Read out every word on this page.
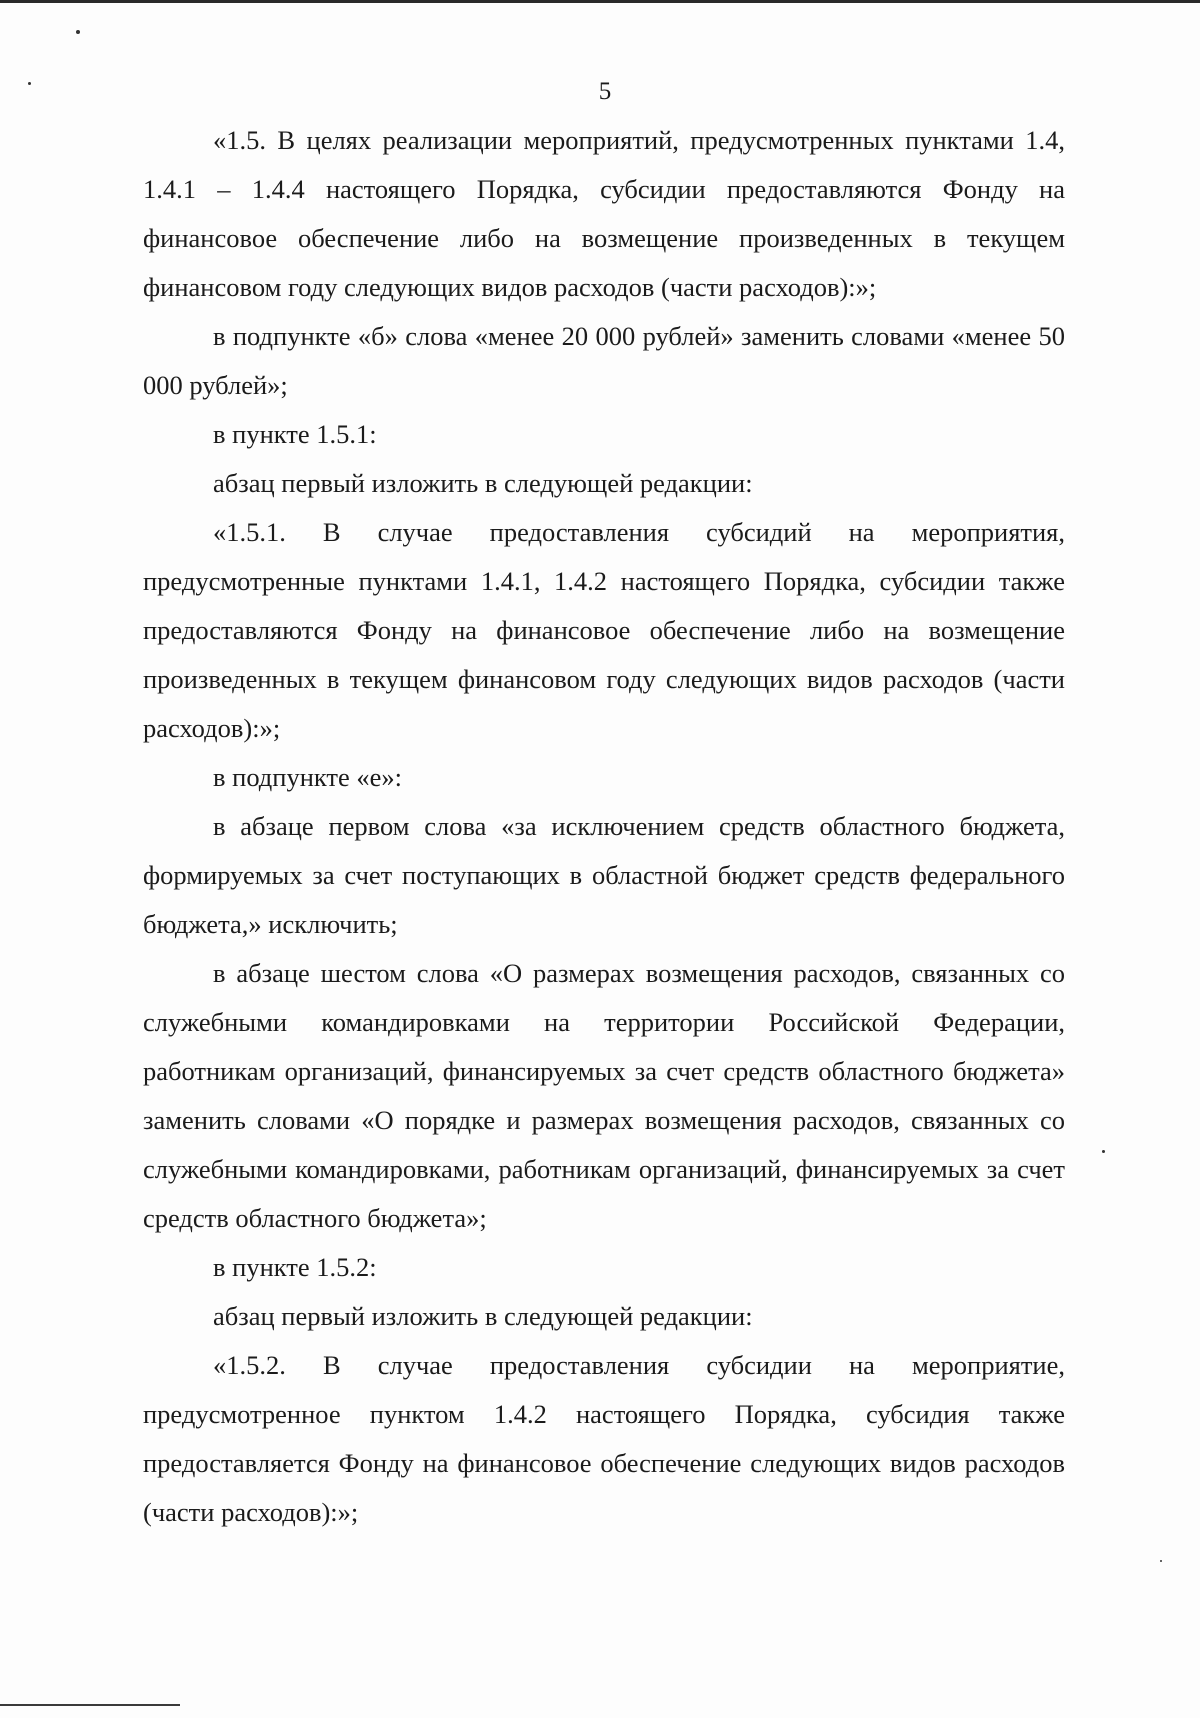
5

«1.5. В целях реализации мероприятий, предусмотренных пунктами 1.4, 1.4.1 – 1.4.4 настоящего Порядка, субсидии предоставляются Фонду на финансовое обеспечение либо на возмещение произведенных в текущем финансовом году следующих видов расходов (части расходов):»;

в подпункте «б» слова «менее 20 000 рублей» заменить словами «менее 50 000 рублей»;

в пункте 1.5.1:

абзац первый изложить в следующей редакции:

«1.5.1. В случае предоставления субсидий на мероприятия, предусмотренные пунктами 1.4.1, 1.4.2 настоящего Порядка, субсидии также предоставляются Фонду на финансовое обеспечение либо на возмещение произведенных в текущем финансовом году следующих видов расходов (части расходов):»;

в подпункте «е»:

в абзаце первом слова «за исключением средств областного бюджета, формируемых за счет поступающих в областной бюджет средств федерального бюджета,» исключить;

в абзаце шестом слова «О размерах возмещения расходов, связанных со служебными командировками на территории Российской Федерации, работникам организаций, финансируемых за счет средств областного бюджета» заменить словами «О порядке и размерах возмещения расходов, связанных со служебными командировками, работникам организаций, финансируемых за счет средств областного бюджета»;

в пункте 1.5.2:

абзац первый изложить в следующей редакции:

«1.5.2. В случае предоставления субсидии на мероприятие, предусмотренное пунктом 1.4.2 настоящего Порядка, субсидия также предоставляется Фонду на финансовое обеспечение следующих видов расходов (части расходов):»;
